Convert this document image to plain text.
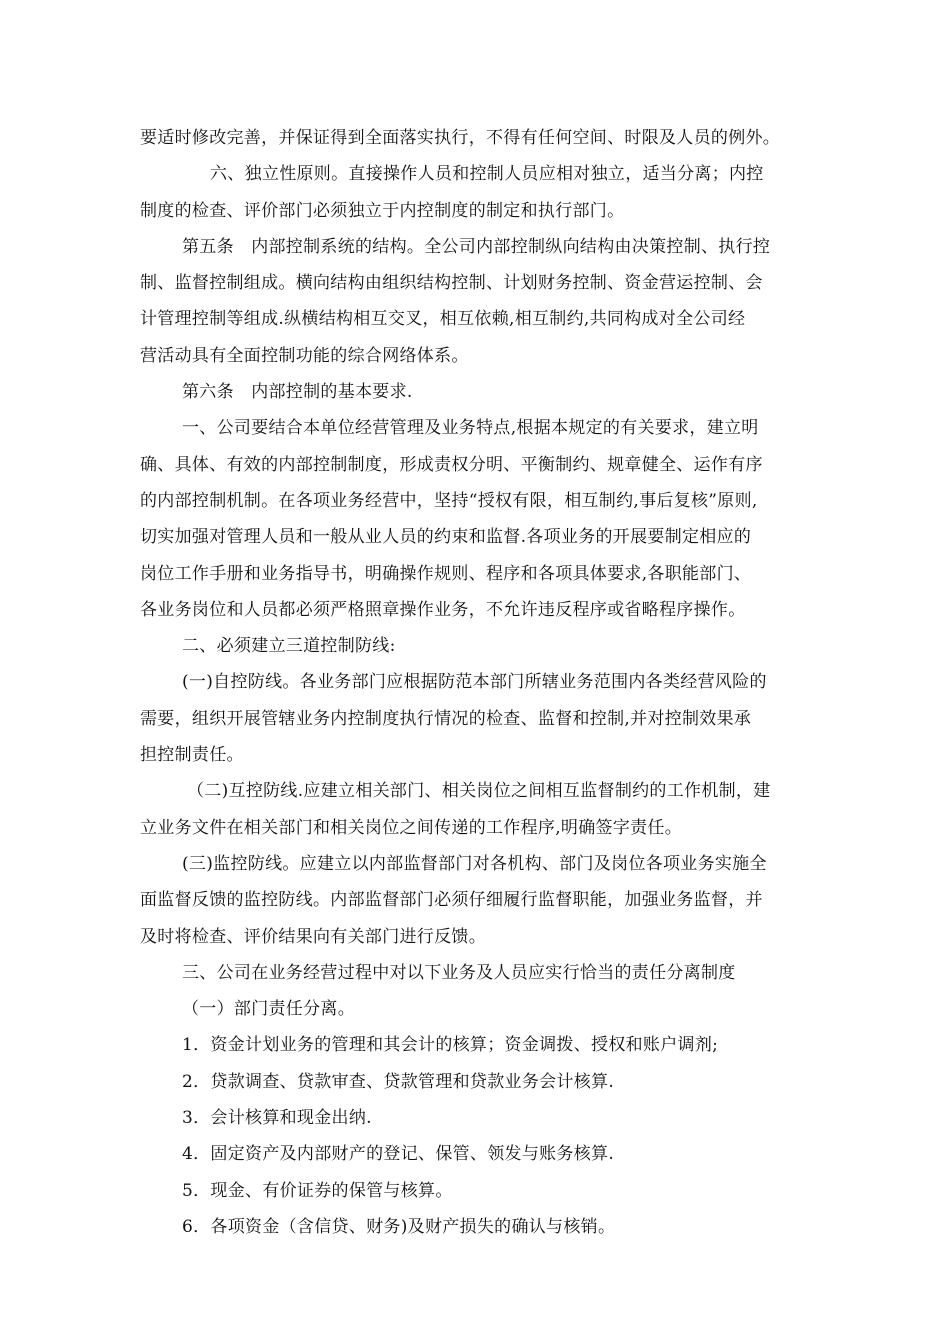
要适时修改完善，并保证得到全面落实执行，不得有任何空间、时限及人员的例外。
六、独立性原则。直接操作人员和控制人员应相对独立，适当分离；内控
制度的检查、评价部门必须独立于内控制度的制定和执行部门。
第五条　内部控制系统的结构。全公司内部控制纵向结构由决策控制、执行控
制、监督控制组成。横向结构由组织结构控制、计划财务控制、资金营运控制、会
计管理控制等组成.纵横结构相互交叉，相互依赖,相互制约,共同构成对全公司经
营活动具有全面控制功能的综合网络体系。
第六条　内部控制的基本要求.
一、公司要结合本单位经营管理及业务特点,根据本规定的有关要求，建立明
确、具体、有效的内部控制制度，形成责权分明、平衡制约、规章健全、运作有序
的内部控制机制。在各项业务经营中，坚持“授权有限，相互制约,事后复核”原则,
切实加强对管理人员和一般从业人员的约束和监督.各项业务的开展要制定相应的
岗位工作手册和业务指导书，明确操作规则、程序和各项具体要求,各职能部门、
各业务岗位和人员都必须严格照章操作业务，不允许违反程序或省略程序操作。
二、必须建立三道控制防线:
(一)自控防线。各业务部门应根据防范本部门所辖业务范围内各类经营风险的
需要，组织开展管辖业务内控制度执行情况的检查、监督和控制,并对控制效果承
担控制责任。
（二)互控防线.应建立相关部门、相关岗位之间相互监督制约的工作机制，建
立业务文件在相关部门和相关岗位之间传递的工作程序,明确签字责任。
(三)监控防线。应建立以内部监督部门对各机构、部门及岗位各项业务实施全
面监督反馈的监控防线。内部监督部门必须仔细履行监督职能，加强业务监督，并
及时将检查、评价结果向有关部门进行反馈。
三、公司在业务经营过程中对以下业务及人员应实行恰当的责任分离制度
（一）部门责任分离。
1．资金计划业务的管理和其会计的核算；资金调拨、授权和账户调剂;
2．贷款调查、贷款审查、贷款管理和贷款业务会计核算.
3．会计核算和现金出纳.
4．固定资产及内部财产的登记、保管、领发与账务核算.
5．现金、有价证券的保管与核算。
6．各项资金（含信贷、财务)及财产损失的确认与核销。
